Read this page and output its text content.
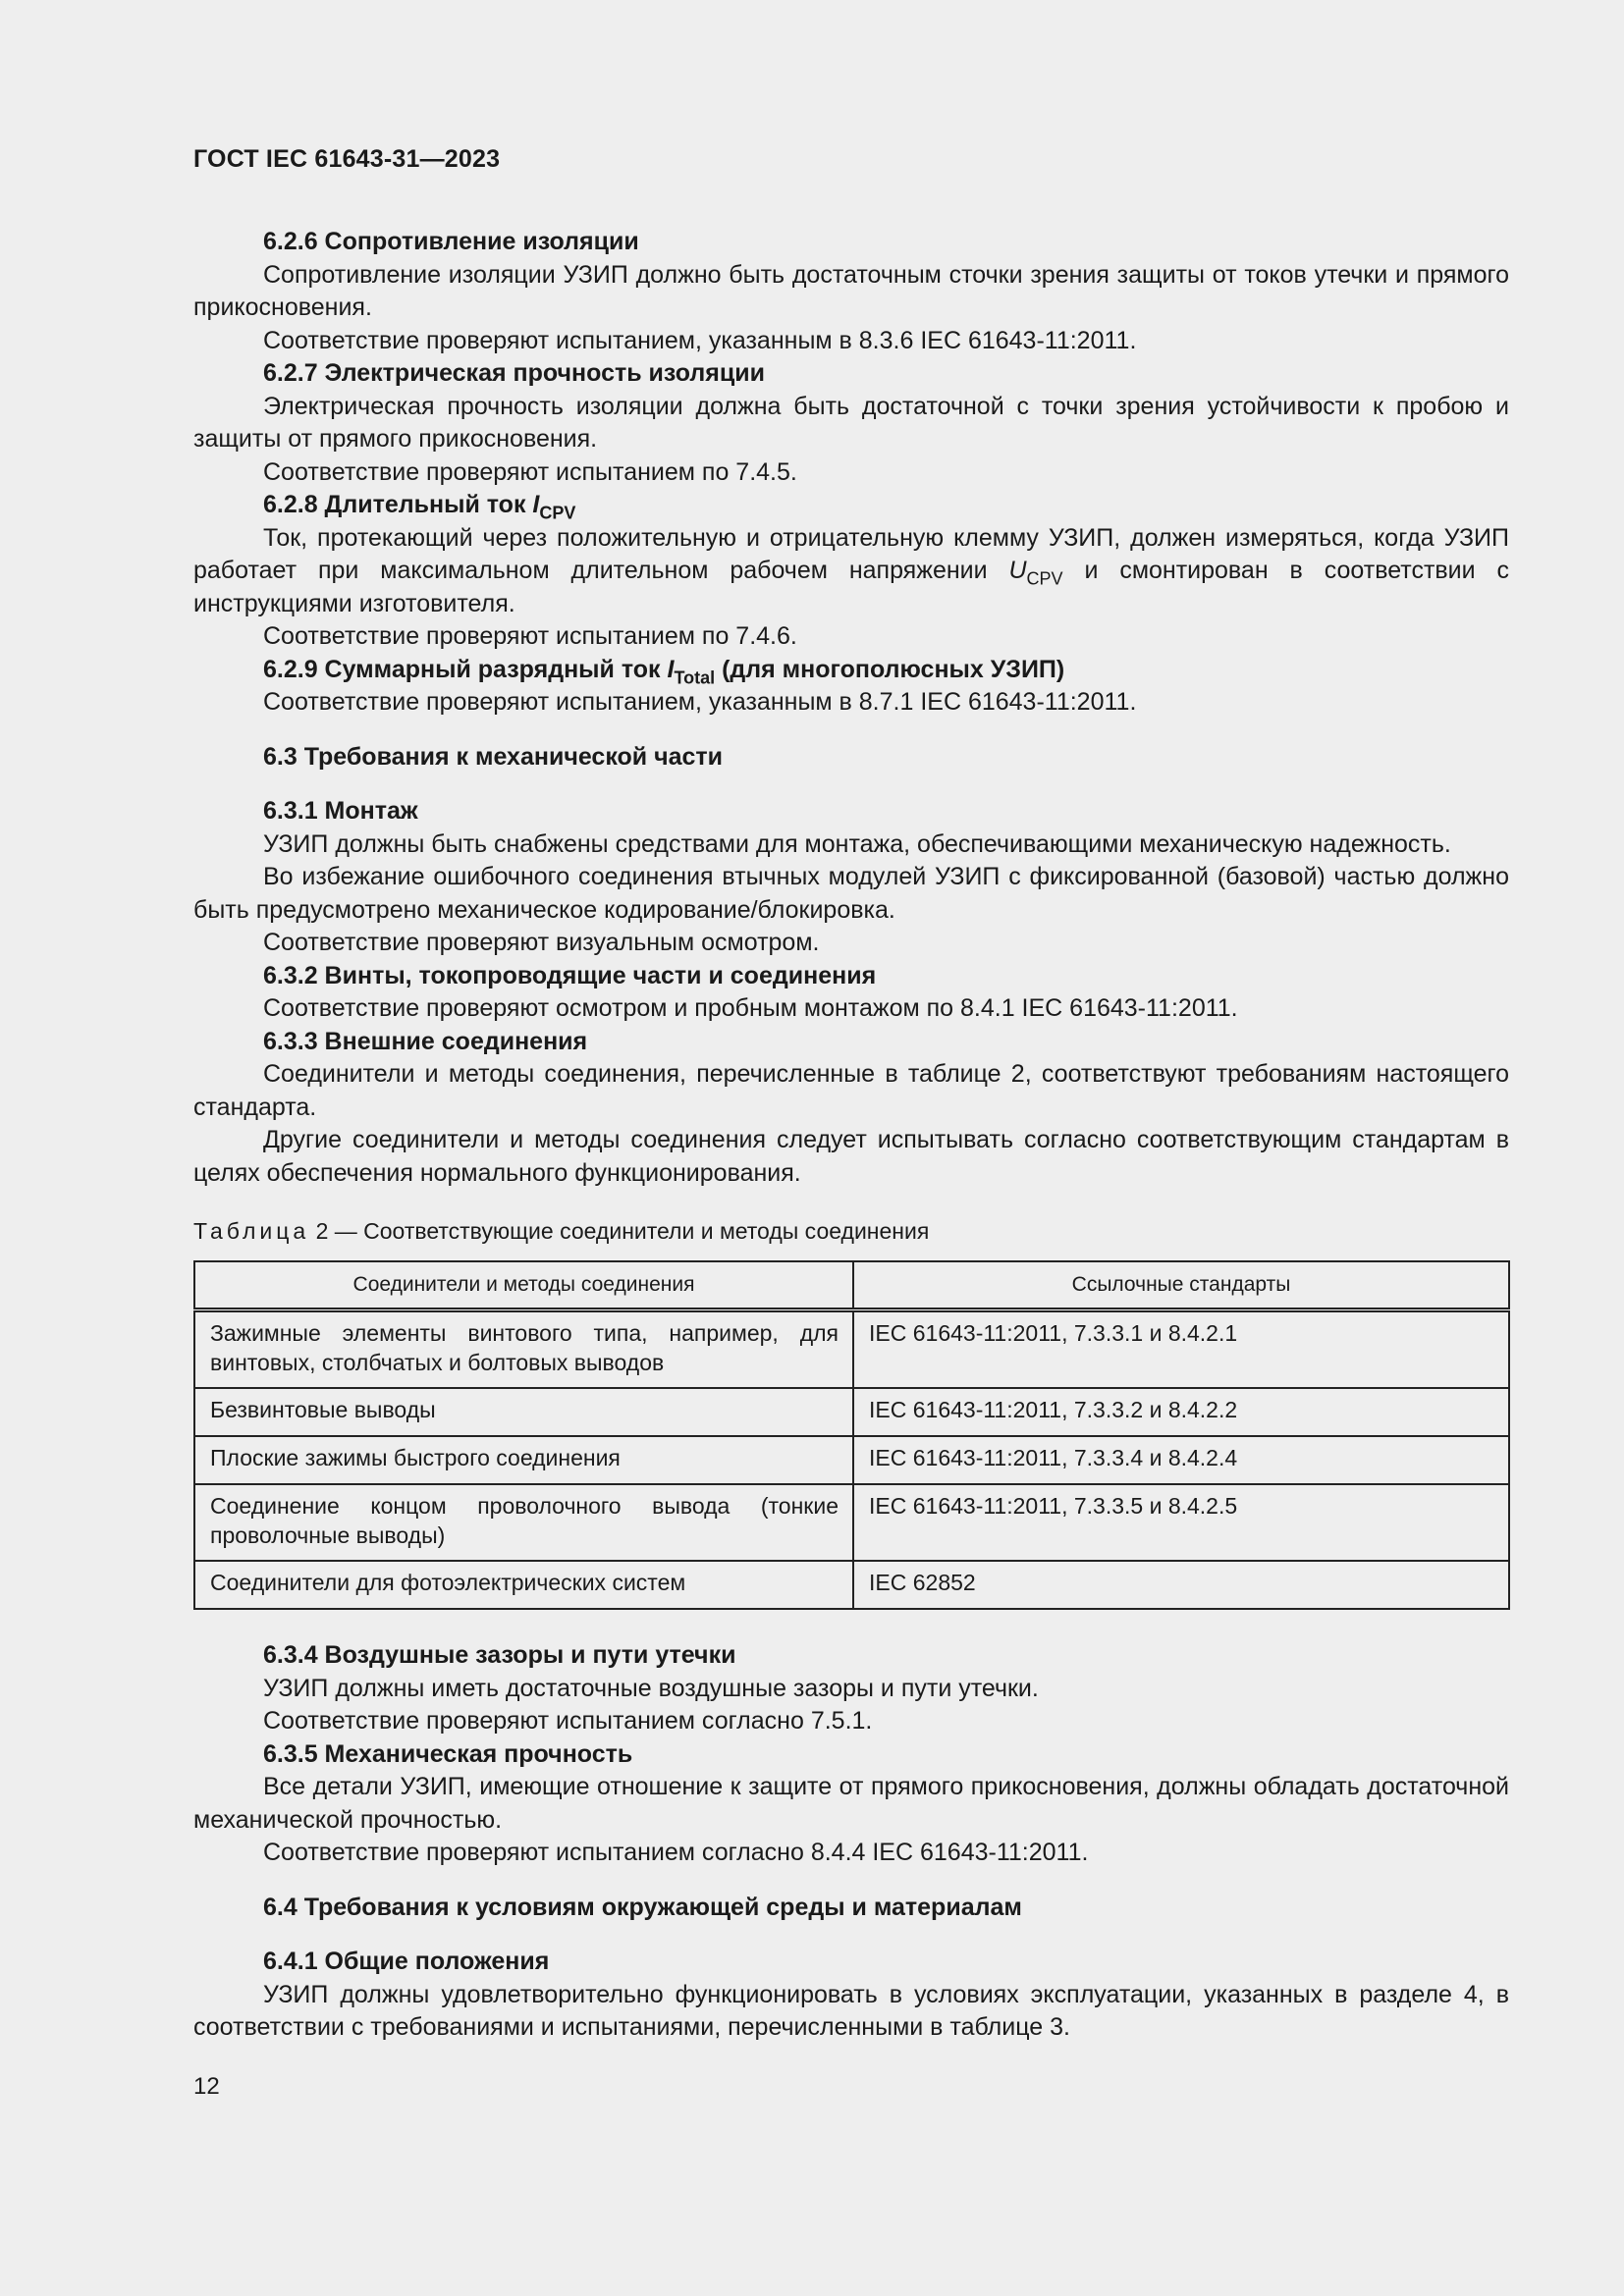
ГОСТ IEC 61643-31—2023

6.2.6 Сопротивление изоляции

Сопротивление изоляции УЗИП должно быть достаточным сточки зрения защиты от токов утечки и прямого прикосновения.

Соответствие проверяют испытанием, указанным в 8.3.6 IEC 61643-11:2011.

6.2.7 Электрическая прочность изоляции

Электрическая прочность изоляции должна быть достаточной с точки зрения устойчивости к пробою и защиты от прямого прикосновения.

Соответствие проверяют испытанием по 7.4.5.

6.2.8 Длительный ток $I_{CPV}$

Ток, протекающий через положительную и отрицательную клемму УЗИП, должен измеряться, когда УЗИП работает при максимальном длительном рабочем напряжении $U_{CPV}$ и смонтирован в соответствии с инструкциями изготовителя.

Соответствие проверяют испытанием по 7.4.6.

6.2.9 Суммарный разрядный ток $I_{Total}$ (для многополюсных УЗИП)

Соответствие проверяют испытанием, указанным в 8.7.1 IEC 61643-11:2011.

6.3 Требования к механической части

6.3.1 Монтаж

УЗИП должны быть снабжены средствами для монтажа, обеспечивающими механическую надежность.

Во избежание ошибочного соединения втычных модулей УЗИП с фиксированной (базовой) частью должно быть предусмотрено механическое кодирование/блокировка.

Соответствие проверяют визуальным осмотром.

6.3.2 Винты, токопроводящие части и соединения

Соответствие проверяют осмотром и пробным монтажом по 8.4.1 IEC 61643-11:2011.

6.3.3 Внешние соединения

Соединители и методы соединения, перечисленные в таблице 2, соответствуют требованиям настоящего стандарта.

Другие соединители и методы соединения следует испытывать согласно соответствующим стандартам в целях обеспечения нормального функционирования.

Таблица 2 — Соответствующие соединители и методы соединения
Соединители и методы соединения	Ссылочные стандарты
Зажимные элементы винтового типа, например, для винтовых, столбчатых и болтовых выводов	IEC 61643-11:2011, 7.3.3.1 и 8.4.2.1
Безвинтовые выводы	IEC 61643-11:2011, 7.3.3.2 и 8.4.2.2
Плоские зажимы быстрого соединения	IEC 61643-11:2011, 7.3.3.4 и 8.4.2.4
Соединение концом проволочного вывода (тонкие проволочные выводы)	IEC 61643-11:2011, 7.3.3.5 и 8.4.2.5
Соединители для фотоэлектрических систем	IEC 62852

6.3.4 Воздушные зазоры и пути утечки

УЗИП должны иметь достаточные воздушные зазоры и пути утечки.

Соответствие проверяют испытанием согласно 7.5.1.

6.3.5 Механическая прочность

Все детали УЗИП, имеющие отношение к защите от прямого прикосновения, должны обладать достаточной механической прочностью.

Соответствие проверяют испытанием согласно 8.4.4 IEC 61643-11:2011.

6.4 Требования к условиям окружающей среды и материалам

6.4.1 Общие положения

УЗИП должны удовлетворительно функционировать в условиях эксплуатации, указанных в разделе 4, в соответствии с требованиями и испытаниями, перечисленными в таблице 3.

12
